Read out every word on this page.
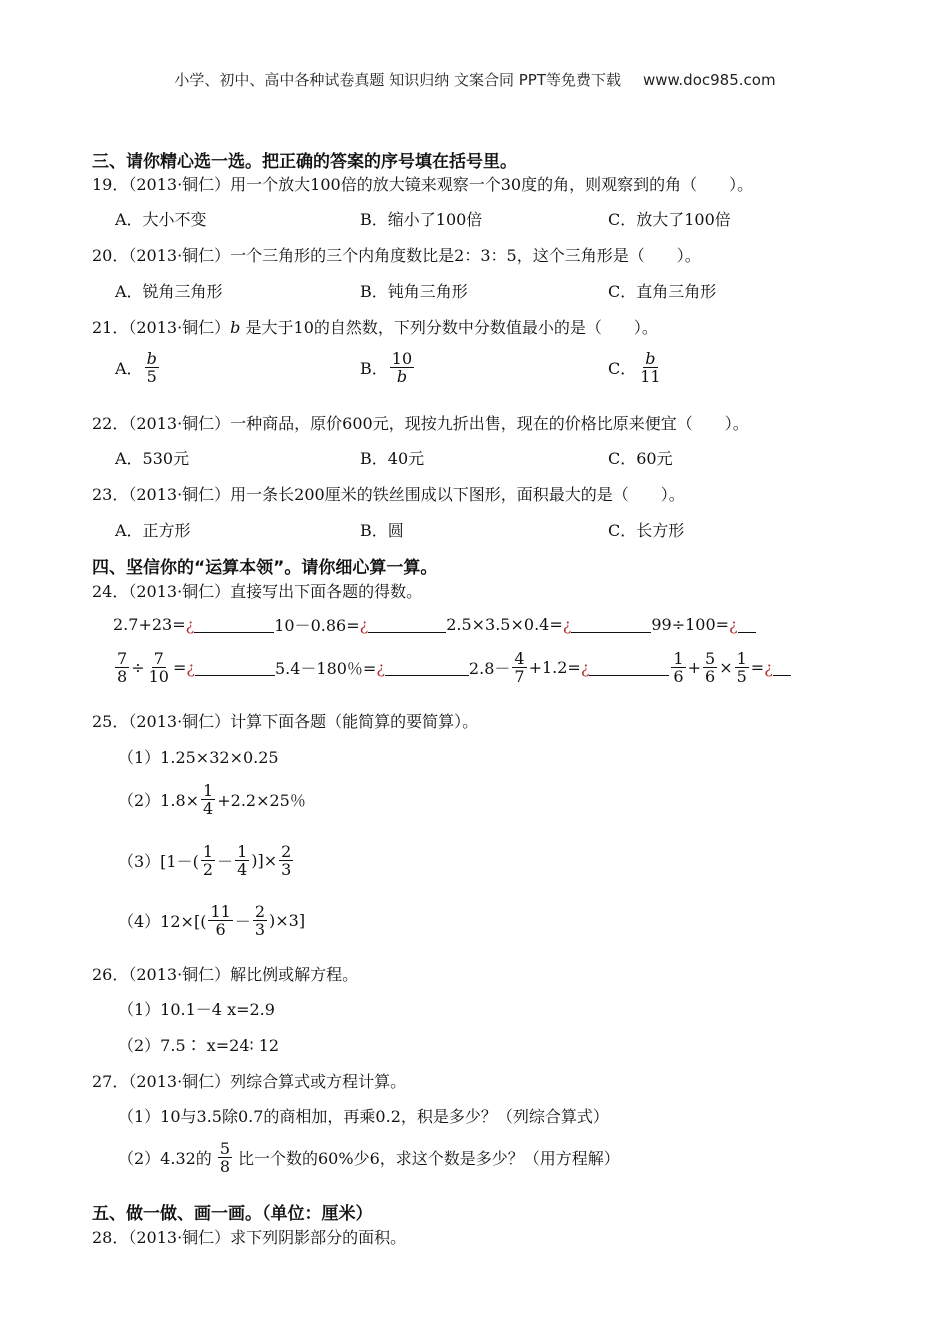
小学、初中、高中各种试卷真题 知识归纳 文案合同 PPT等免费下载 www.doc985.com
三、请你精心选一选。把正确的答案的序号填在括号里。
19．（2013·铜仁）用一个放大100倍的放大镜来观察一个30度的角，则观察到的角（　　）。
A．大小不变	B．缩小了100倍	C．放大了100倍
20．（2013·铜仁）一个三角形的三个内角度数比是2：3：5，这个三角形是（　　）。
A．锐角三角形	B．钝角三角形	C．直角三角形
21．（2013·铜仁）b 是大于10的自然数，下列分数中分数值最小的是（　　）。
A． $\frac{b}{5}$	B． $\frac{10}{b}$	C． $\frac{b}{11}$
22．（2013·铜仁）一种商品，原价600元，现按九折出售，现在的价格比原来便宜（　　）。
A．530元	B．40元	C．60元
23．（2013·铜仁）用一条长200厘米的铁丝围成以下图形，面积最大的是（　　）。
A．正方形	B．圆	C．长方形
四、坚信你的“运算本领”。请你细心算一算。
24．（2013·铜仁）直接写出下面各题的得数。
2.7+23= ¿	10－0.86= ¿	2.5×3.5×0.4= ¿	99÷100= ¿
$\frac{7}{8} \div \frac{7}{10}$ = ¿	5.4－180％= ¿	$2.8- \frac{4}{7} +1.2=$ ¿	$\frac{1}{6} + \frac{5}{6} \times \frac{1}{5}$ = ¿
25．（2013·铜仁）计算下面各题（能简算的要简算）。
（1）1.25×32×0.25
$(2)1.8\times \frac{1}{4} +2.2\times 25$％
$(3)[1-( \frac{1}{2} - \frac{1}{4}$ )]× $\frac{2}{3}$
$(4)12\times[( \frac{11}{6} - \frac{2}{3} )\times 3]$
26．（2013·铜仁）解比例或解方程。
（1）10.1－4 x=2.9
（2）7.5∶ x=24∶ 12
27．（2013·铜仁）列综合算式或方程计算。
（1）10与3.5除0.7的商相加，再乘0.2，积是多少？（列综合算式）
（2）4.32的 $\frac{5}{8}$ 比一个数的60%少6，求这个数是多少？（用方程解）
五、做一做、画一画。（单位：厘米）
28．（2013·铜仁）求下列阴影部分的面积。
